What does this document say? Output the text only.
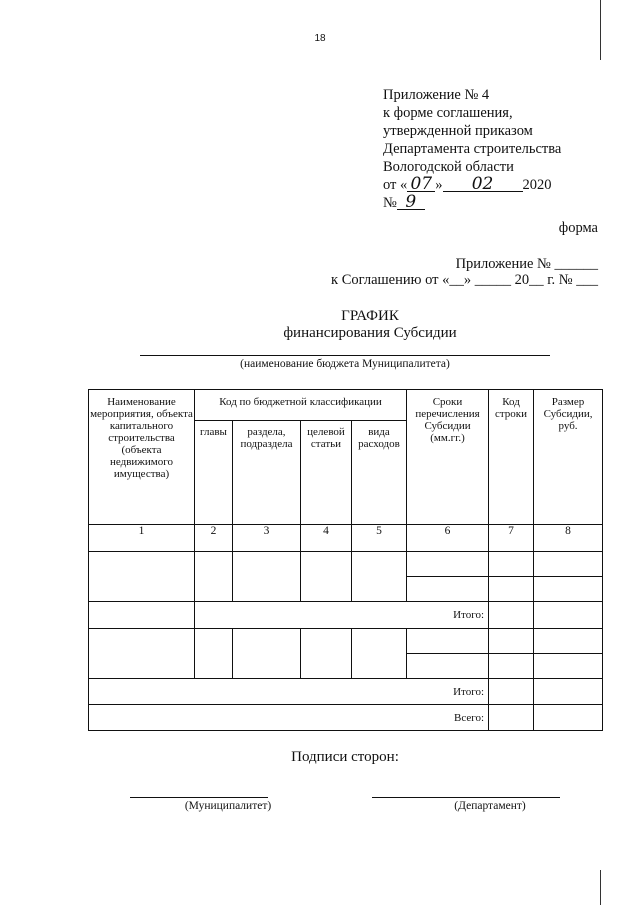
18
Приложение № 4
к форме соглашения,
утвержденной приказом
Департамента строительства
Вологодской области
от « 07 » 02 2020
№ 9
форма
Приложение № ______
к Соглашению от «__» _____ 20__ г. № ___
ГРАФИК
финансирования Субсидии
(наименование бюджета Муниципалитета)
Наименование мероприятия, объекта капитального строительства (объекта недвижимого имущества)	Код по бюджетной классификации				Сроки перечисления Субсидии (мм.гг.)	Код строки	Размер Субсидии, руб.
	главы	раздела, подраздела	целевой статьи	вида расходов			
1	2	3	4	5	6	7	8

	Итого:						

Итого:							
Всего:							
Подписи сторон:
(Муниципалитет)	(Департамент)
